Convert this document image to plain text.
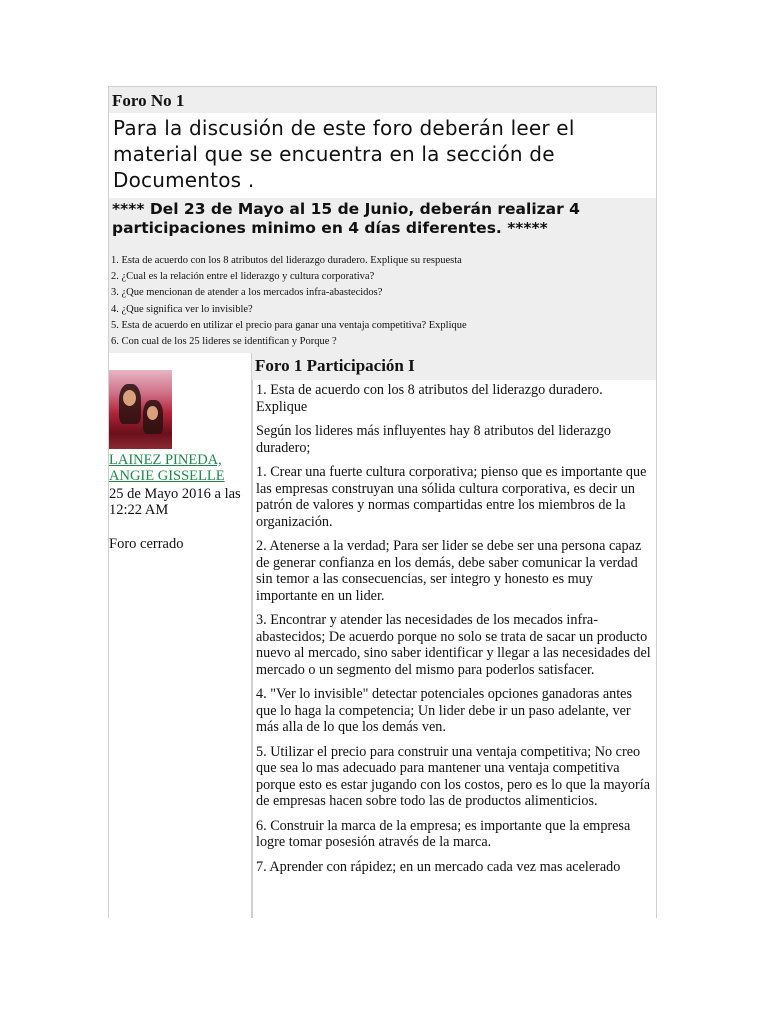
Foro No 1
Para la discusión de este foro deberán leer el material que se encuentra en la sección de Documentos .
**** Del 23 de Mayo al 15 de Junio, deberán realizar 4 participaciones minimo en 4 días diferentes. *****
1. Esta de acuerdo con los 8 atributos del liderazgo duradero. Explique su respuesta
2. ¿Cual es la relación entre el liderazgo y cultura corporativa?
3. ¿Que mencionan de atender a los mercados infra-abastecidos?
4. ¿Que significa ver lo invisible?
5. Esta de acuerdo en utilizar el precio para ganar una ventaja competitiva? Explique
6. Con cual de los 25 lideres se identifican y Porque ?
LAINEZ PINEDA, ANGIE GISSELLE
25 de Mayo 2016 a las 12:22 AM
Foro cerrado
Foro 1 Participación I

1. Esta de acuerdo con los 8 atributos del liderazgo duradero. Explique

Según los lideres más influyentes hay 8 atributos del liderazgo duradero;

1. Crear una fuerte cultura corporativa; pienso que es importante que las empresas construyan una sólida cultura corporativa, es decir un patrón de valores y normas compartidas entre los miembros de la organización.

2. Atenerse a la verdad; Para ser lider se debe ser una persona capaz de generar confianza en los demás, debe saber comunicar la verdad sin temor a las consecuencias, ser integro y honesto es muy importante en un lider.

3. Encontrar y atender las necesidades de los mecados infra-abastecidos; De acuerdo porque no solo se trata de sacar un producto nuevo al mercado, sino saber identificar y llegar a las necesidades del mercado o un segmento del mismo para poderlos satisfacer.

4. "Ver lo invisible" detectar potenciales opciones ganadoras antes que lo haga la competencia; Un lider debe ir un paso adelante, ver más alla de lo que los demás ven.

5. Utilizar el precio para construir una ventaja competitiva; No creo que sea lo mas adecuado para mantener una ventaja competitiva porque esto es estar jugando con los costos, pero es lo que la mayoría de empresas hacen sobre todo las de productos alimenticios.

6. Construir la marca de la empresa; es importante que la empresa logre tomar posesión através de la marca.

7. Aprender con rápidez; en un mercado cada vez mas acelerado
